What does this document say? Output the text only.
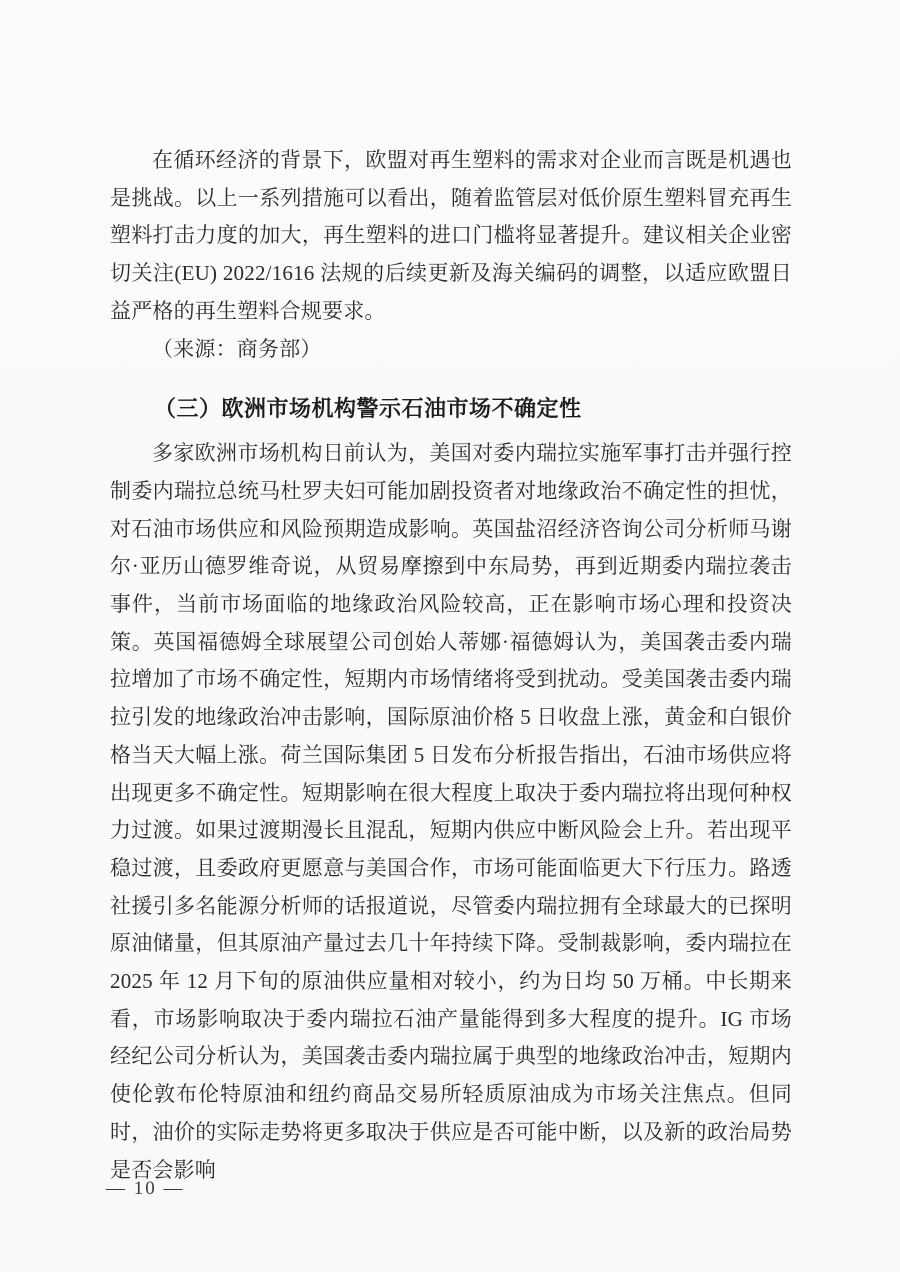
在循环经济的背景下，欧盟对再生塑料的需求对企业而言既是机遇也是挑战。以上一系列措施可以看出，随着监管层对低价原生塑料冒充再生塑料打击力度的加大，再生塑料的进口门槛将显著提升。建议相关企业密切关注(EU) 2022/1616 法规的后续更新及海关编码的调整，以适应欧盟日益严格的再生塑料合规要求。

（来源：商务部）

（三）欧洲市场机构警示石油市场不确定性

多家欧洲市场机构日前认为，美国对委内瑞拉实施军事打击并强行控制委内瑞拉总统马杜罗夫妇可能加剧投资者对地缘政治不确定性的担忧，对石油市场供应和风险预期造成影响。英国盐沼经济咨询公司分析师马谢尔·亚历山德罗维奇说，从贸易摩擦到中东局势，再到近期委内瑞拉袭击事件，当前市场面临的地缘政治风险较高，正在影响市场心理和投资决策。英国福德姆全球展望公司创始人蒂娜·福德姆认为，美国袭击委内瑞拉增加了市场不确定性，短期内市场情绪将受到扰动。受美国袭击委内瑞拉引发的地缘政治冲击影响，国际原油价格 5 日收盘上涨，黄金和白银价格当天大幅上涨。荷兰国际集团 5 日发布分析报告指出，石油市场供应将出现更多不确定性。短期影响在很大程度上取决于委内瑞拉将出现何种权力过渡。如果过渡期漫长且混乱，短期内供应中断风险会上升。若出现平稳过渡，且委政府更愿意与美国合作，市场可能面临更大下行压力。路透社援引多名能源分析师的话报道说，尽管委内瑞拉拥有全球最大的已探明原油储量，但其原油产量过去几十年持续下降。受制裁影响，委内瑞拉在 2025 年 12 月下旬的原油供应量相对较小，约为日均 50 万桶。中长期来看，市场影响取决于委内瑞拉石油产量能得到多大程度的提升。IG 市场经纪公司分析认为，美国袭击委内瑞拉属于典型的地缘政治冲击，短期内使伦敦布伦特原油和纽约商品交易所轻质原油成为市场关注焦点。但同时，油价的实际走势将更多取决于供应是否可能中断，以及新的政治局势是否会影响

— 10 —
